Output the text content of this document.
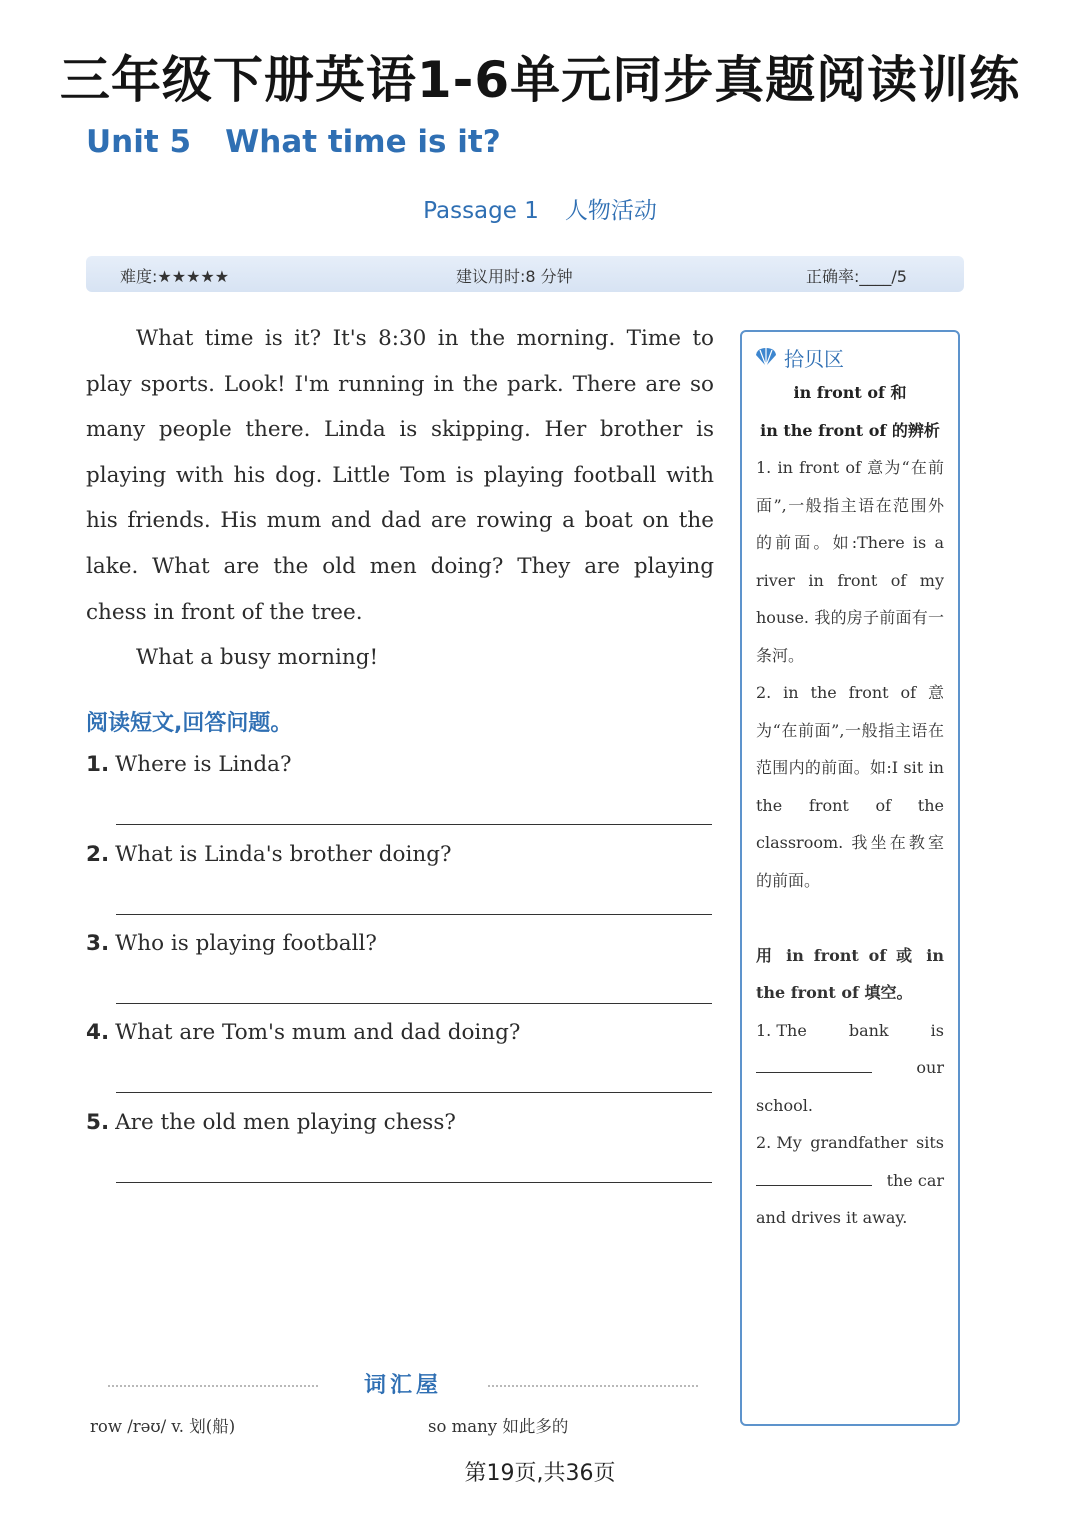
三年级下册英语1-6单元同步真题阅读训练
Unit 5 What time is it?
Passage 1 人物活动
难度:★★★★★	建议用时:8 分钟	正确率:____/5

What time is it? It's 8:30 in the morning. Time to play sports. Look! I'm running in the park. There are so many people there. Linda is skipping. Her brother is playing with his dog. Little Tom is playing football with his friends. His mum and dad are rowing a boat on the lake. What are the old men doing? They are playing chess in front of the tree.

What a busy morning!

阅读短文,回答问题。
1. Where is Linda?
2. What is Linda's brother doing?
3. Who is playing football?
4. What are Tom's mum and dad doing?
5. Are the old men playing chess?
拾贝区
in front of 和
in the front of 的辨析

1. in front of 意为“在前面”,一般指主语在范围外的前面。如:There is a river in front of my house. 我的房子前面有一条河。

2. in the front of 意为“在前面”,一般指主语在范围内的前面。如:I sit in the front of the classroom. 我坐在教室的前面。

用 in front of 或 in the front of 填空。

1. The	bank	is
our

school.

2. My grandfather sits
the car

and drives it away.

词汇屋
row /rəʊ/ v. 划(船)	so many 如此多的
第19页,共36页
